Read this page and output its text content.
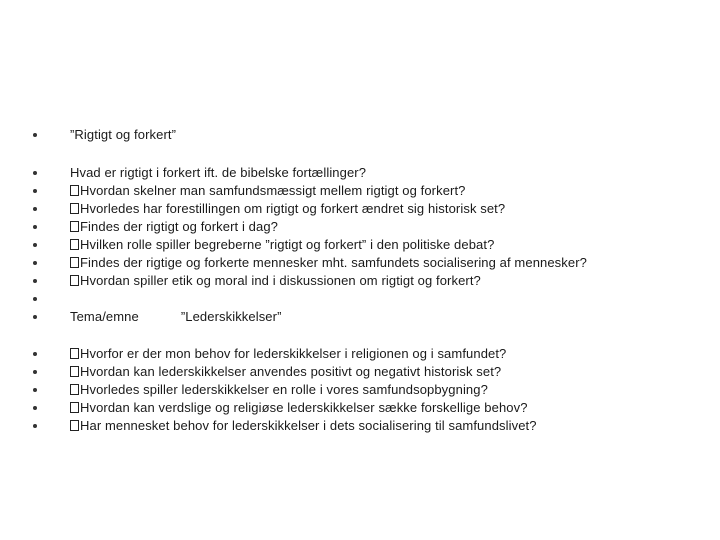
”Rigtigt og forkert”
Hvad er rigtigt i forkert ift. de bibelske fortællinger?
Hvordan skelner man samfundsmæssigt mellem rigtigt og forkert?
Hvorledes har forestillingen om rigtigt og forkert ændret sig historisk set?
Findes der rigtigt og forkert i dag?
Hvilken rolle spiller begreberne ”rigtigt og forkert” i den politiske debat?
Findes der rigtige og forkerte mennesker mht. samfundets socialisering af mennesker?
Hvordan spiller etik og moral ind i diskussionen om rigtigt og forkert?
Tema/emne	”Lederskikkelser”
Hvorfor er der mon behov for lederskikkelser i religionen og i samfundet?
Hvordan kan lederskikkelser anvendes positivt og negativt historisk set?
Hvorledes spiller lederskikkelser en rolle i vores samfundsopbygning?
Hvordan kan verdslige og religiøse lederskikkelser sække forskellige behov?
Har mennesket behov for lederskikkelser i dets socialisering til samfundslivet?
